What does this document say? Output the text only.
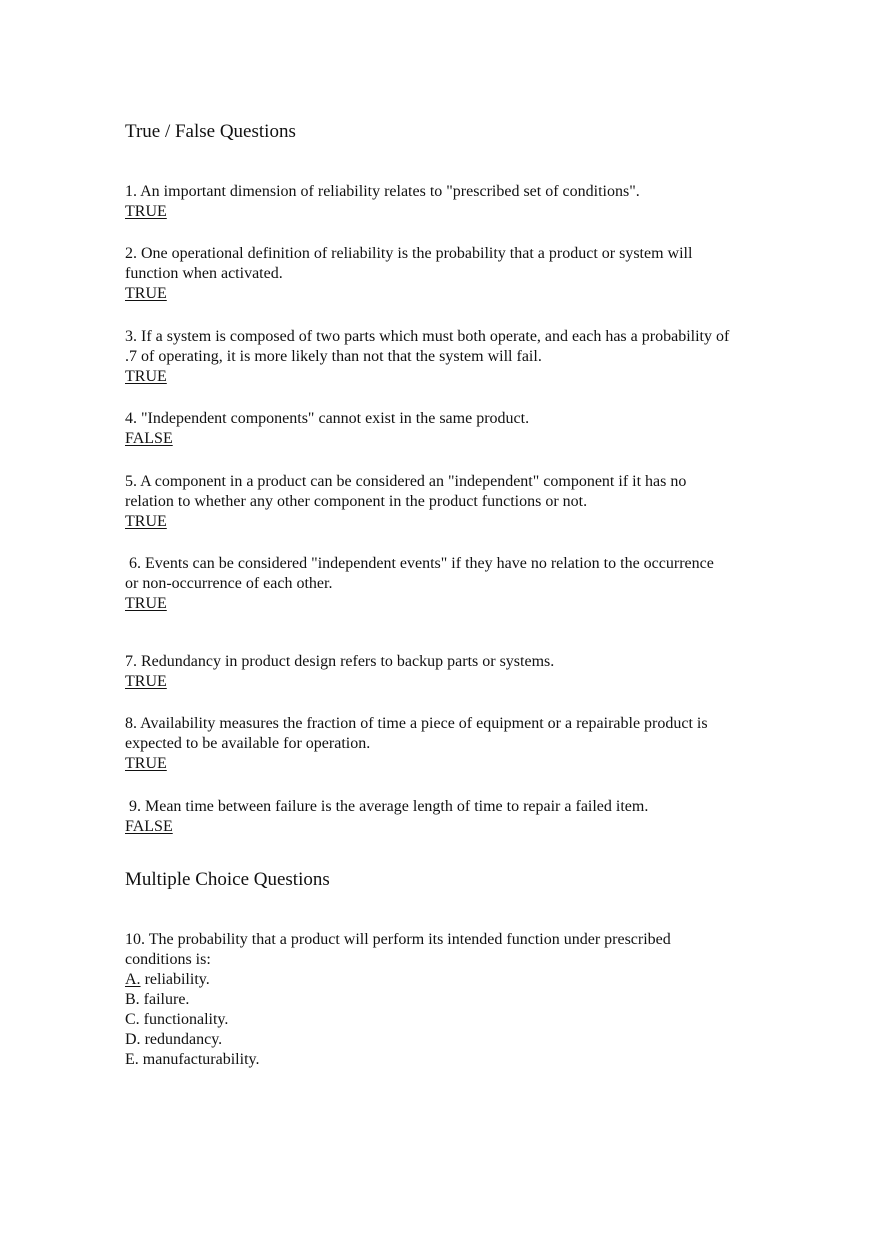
True / False Questions
1. An important dimension of reliability relates to "prescribed set of conditions".
TRUE
2. One operational definition of reliability is the probability that a product or system will
function when activated.
TRUE
3. If a system is composed of two parts which must both operate, and each has a probability of
.7 of operating, it is more likely than not that the system will fail.
TRUE
4. "Independent components" cannot exist in the same product.
FALSE
5. A component in a product can be considered an "independent" component if it has no
relation to whether any other component in the product functions or not.
TRUE
6. Events can be considered "independent events" if they have no relation to the occurrence
or non-occurrence of each other.
TRUE
7. Redundancy in product design refers to backup parts or systems.
TRUE
8. Availability measures the fraction of time a piece of equipment or a repairable product is
expected to be available for operation.
TRUE
9. Mean time between failure is the average length of time to repair a failed item.
FALSE
Multiple Choice Questions
10. The probability that a product will perform its intended function under prescribed
conditions is:
A. reliability.
B. failure.
C. functionality.
D. redundancy.
E. manufacturability.
